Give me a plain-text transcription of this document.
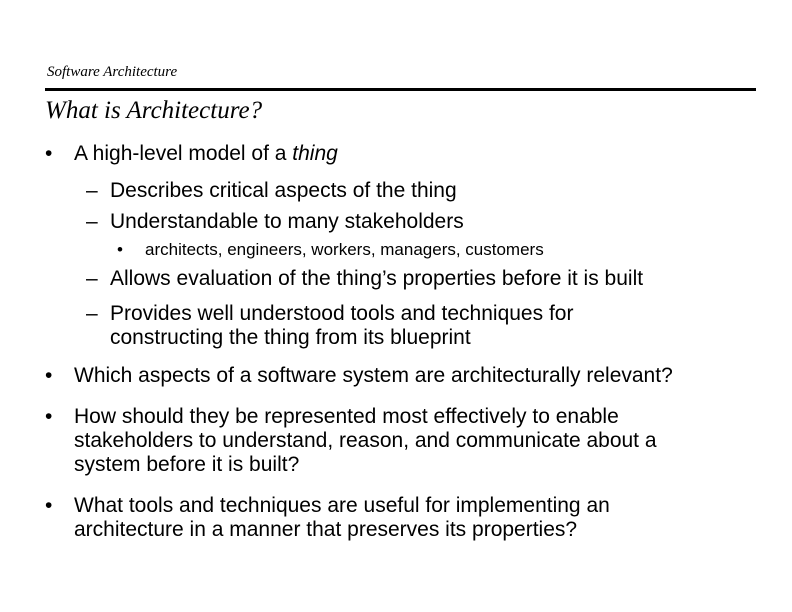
Software Architecture
What is Architecture?
• A high-level model of a thing
– Describes critical aspects of the thing
– Understandable to many stakeholders
• architects, engineers, workers, managers, customers
– Allows evaluation of the thing’s properties before it is built
– Provides well understood tools and techniques for
constructing the thing from its blueprint
• Which aspects of a software system are architecturally relevant?
• How should they be represented most effectively to enable
stakeholders to understand, reason, and communicate about a
system before it is built?
• What tools and techniques are useful for implementing an
architecture in a manner that preserves its properties?
